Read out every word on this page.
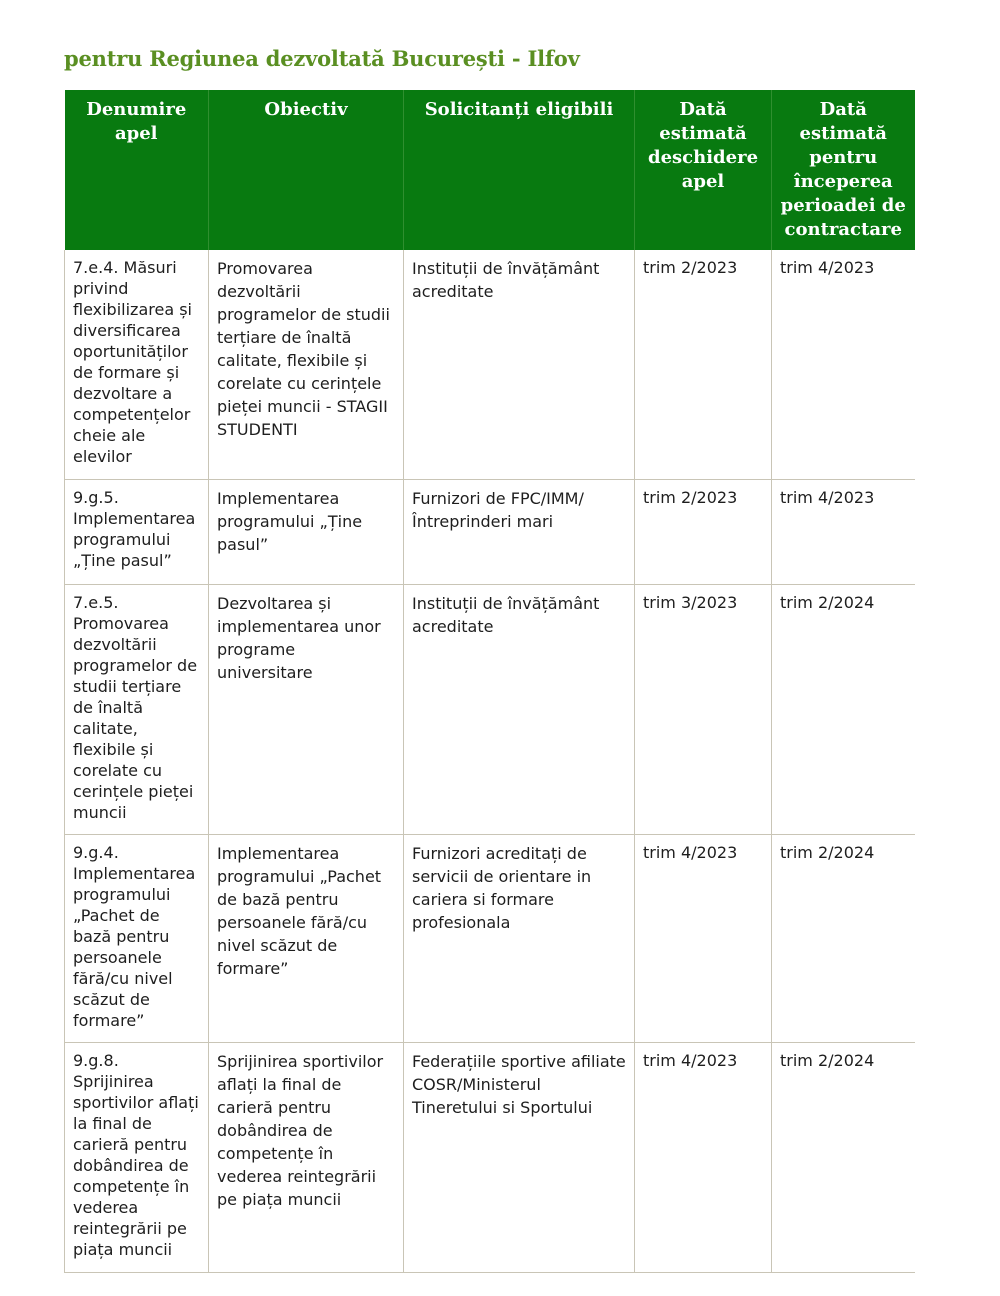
pentru Regiunea dezvoltată București - Ilfov
Denumire apel	Obiectiv	Solicitanți eligibili	Dată estimată deschidere apel	Dată estimată pentru începerea perioadei de contractare
7.e.4. Măsuri privind flexibilizarea și diversificarea oportunităților de formare și dezvoltare a competențelor cheie ale elevilor	Promovarea dezvoltării programelor de studii terțiare de înaltă calitate, flexibile și corelate cu cerințele pieței muncii - STAGII STUDENTI	Instituții de învățământ acreditate	trim 2/2023	trim 4/2023
9.g.5. Implementarea programului „Ține pasul”	Implementarea programului „Ține pasul”	Furnizori de FPC/IMM/ Întreprinderi mari	trim 2/2023	trim 4/2023
7.e.5. Promovarea dezvoltării programelor de studii terțiare de înaltă calitate, flexibile și corelate cu cerințele pieței muncii	Dezvoltarea și implementarea unor programe universitare	Instituții de învățământ acreditate	trim 3/2023	trim 2/2024
9.g.4. Implementarea programului „Pachet de bază pentru persoanele fără/cu nivel scăzut de formare”	Implementarea programului „Pachet de bază pentru persoanele fără/cu nivel scăzut de formare”	Furnizori acreditați de servicii de orientare in cariera si formare profesionala	trim 4/2023	trim 2/2024
9.g.8. Sprijinirea sportivilor aflați la final de carieră pentru dobândirea de competențe în vederea reintegrării pe piața muncii	Sprijinirea sportivilor aflați la final de carieră pentru dobândirea de competențe în vederea reintegrării pe piața muncii	Federațiile sportive afiliate COSR/Ministerul Tineretului si Sportului	trim 4/2023	trim 2/2024
